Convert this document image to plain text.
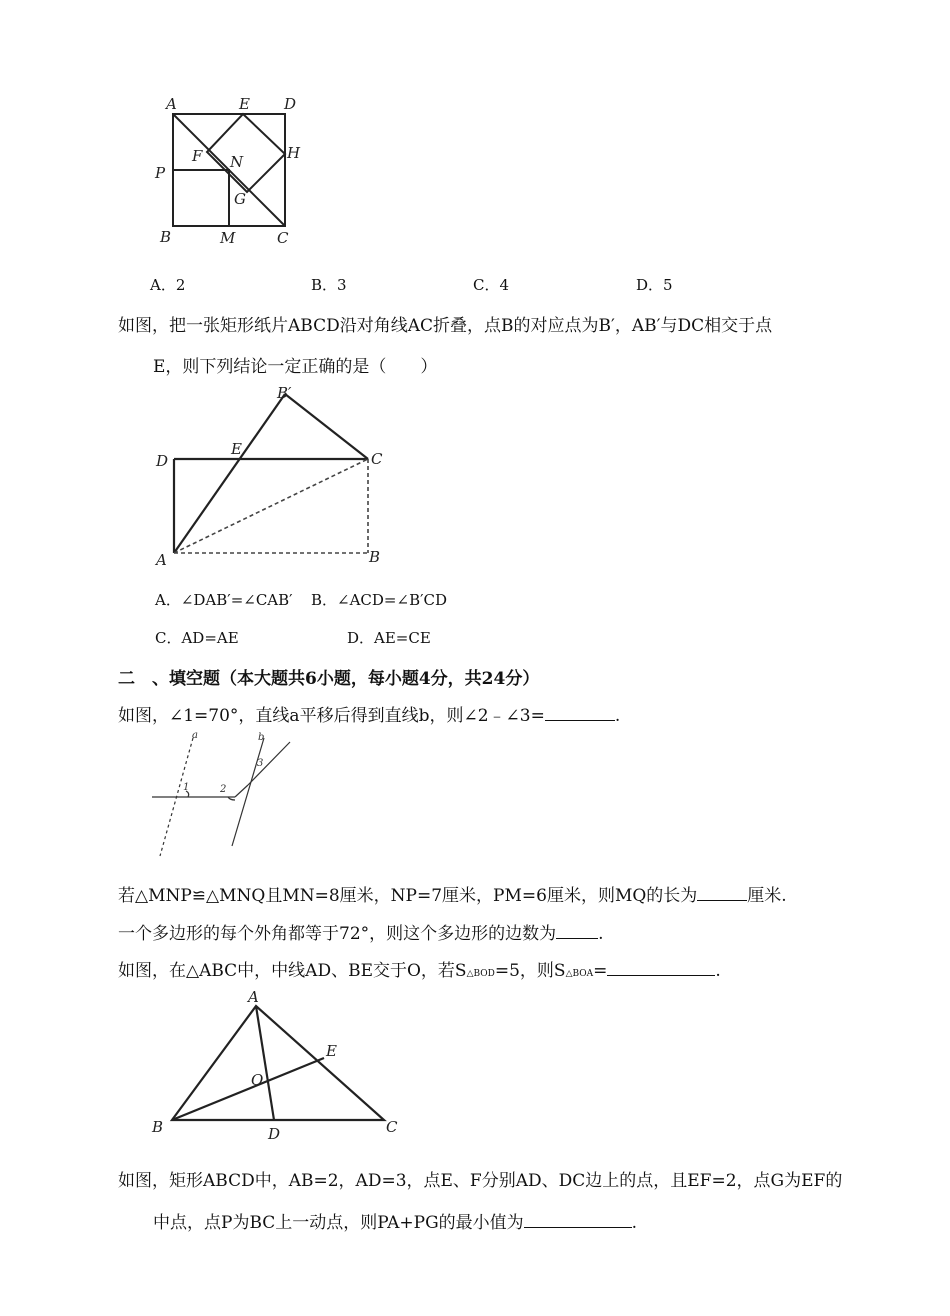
A	E D
F N	H
P
G
B	M	C
A．2	B．3	C．4	D．5
如图，把一张矩形纸片ABCD沿对角线AC折叠，点B的对应点为B′，AB′与DC相交于点
E，则下列结论一定正确的是（　　）
B′
E
D	C
A	B
A．∠DAB′=∠CAB′ B．∠ACD=∠B′CD
C．AD=AE	D．AE=CE
二　、填空题（本大题共6小题，每小题4分，共24分）
如图，∠1=70°，直线a平移后得到直线b，则∠2﹣∠3=	.
a	b
1	2
3
若△MNP≌△MNQ且MN=8厘米，NP=7厘米，PM=6厘米，则MQ的长为	厘米.
一个多边形的每个外角都等于72°，则这个多边形的边数为 .
如图，在△ABC中，中线AD、BE交于O，若S△BOD=5，则S△BOA=	.
A
E
O
B	D	C
如图，矩形ABCD中，AB=2，AD=3，点E、F分别AD、DC边上的点，且EF=2，点G为EF的
中点，点P为BC上一动点，则PA+PG的最小值为	.
